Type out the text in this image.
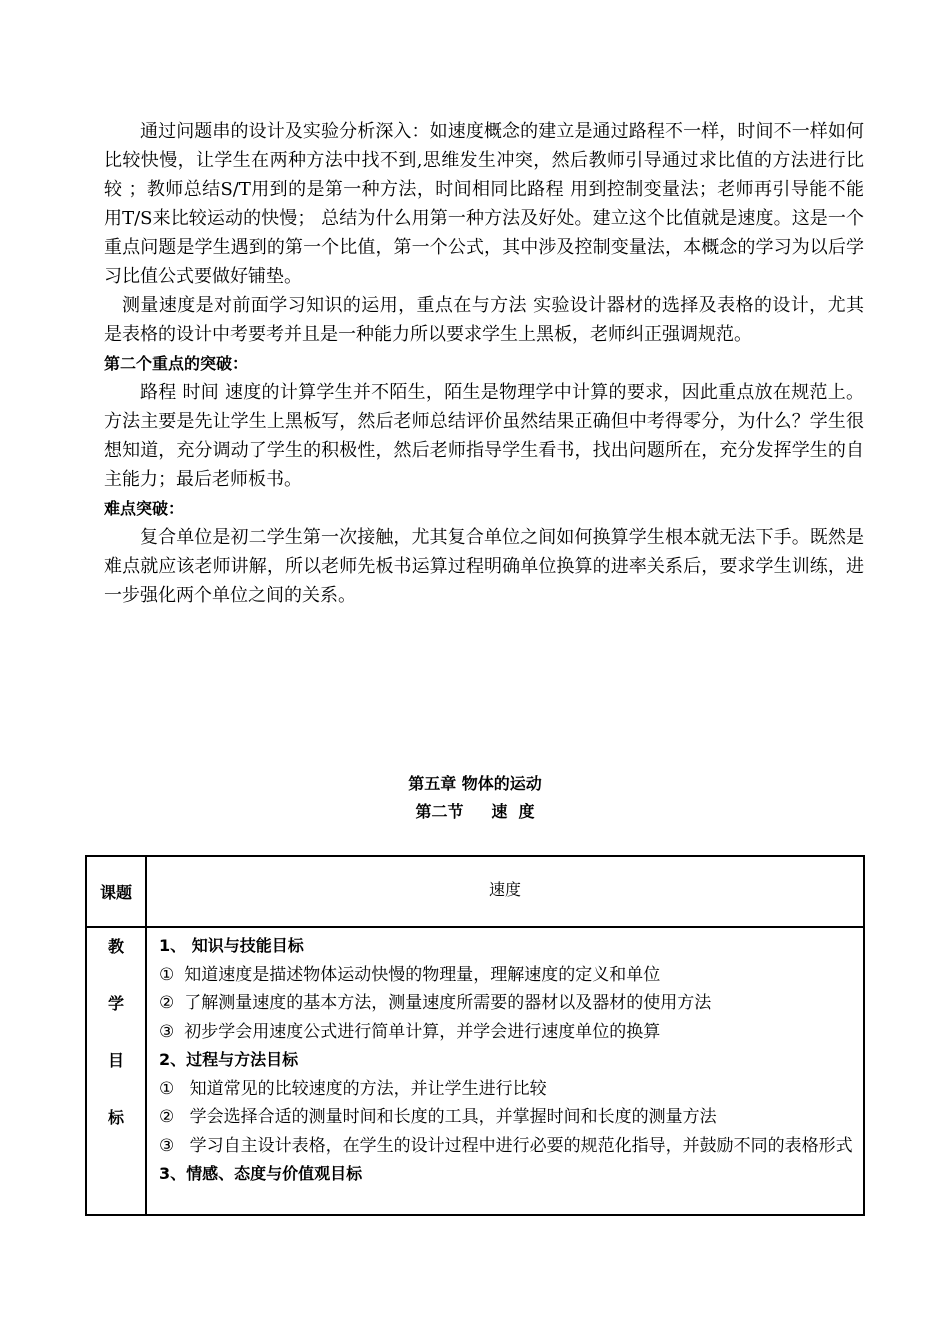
通过问题串的设计及实验分析深入：如速度概念的建立是通过路程不一样，时间不一样如何比较快慢，让学生在两种方法中找不到,思维发生冲突，然后教师引导通过求比值的方法进行比较 ；教师总结S/T用到的是第一种方法，时间相同比路程 用到控制变量法；老师再引导能不能用T/S来比较运动的快慢； 总结为什么用第一种方法及好处。建立这个比值就是速度。这是一个重点问题是学生遇到的第一个比值，第一个公式，其中涉及控制变量法，本概念的学习为以后学习比值公式要做好铺垫。

测量速度是对前面学习知识的运用，重点在与方法 实验设计器材的选择及表格的设计，尤其是表格的设计中考要考并且是一种能力所以要求学生上黑板，老师纠正强调规范。

第二个重点的突破：

路程 时间 速度的计算学生并不陌生，陌生是物理学中计算的要求，因此重点放在规范上。方法主要是先让学生上黑板写，然后老师总结评价虽然结果正确但中考得零分，为什么？学生很想知道，充分调动了学生的积极性，然后老师指导学生看书，找出问题所在，充分发挥学生的自主能力；最后老师板书。

难点突破：

复合单位是初二学生第一次接触，尤其复合单位之间如何换算学生根本就无法下手。既然是难点就应该老师讲解，所以老师先板书运算过程明确单位换算的进率关系后，要求学生训练，进一步强化两个单位之间的关系。

第五章 物体的运动
第二节     速  度
课题	速度
教
学
目
标

1、 知识与技能目标

① 知道速度是描述物体运动快慢的物理量，理解速度的定义和单位

② 了解测量速度的基本方法，测量速度所需要的器材以及器材的使用方法

③ 初步学会用速度公式进行简单计算，并学会进行速度单位的换算

2、过程与方法目标

① 知道常见的比较速度的方法，并让学生进行比较

② 学会选择合适的测量时间和长度的工具，并掌握时间和长度的测量方法

③ 学习自主设计表格，在学生的设计过程中进行必要的规范化指导，并鼓励不同的表格形式

3、情感、态度与价值观目标
